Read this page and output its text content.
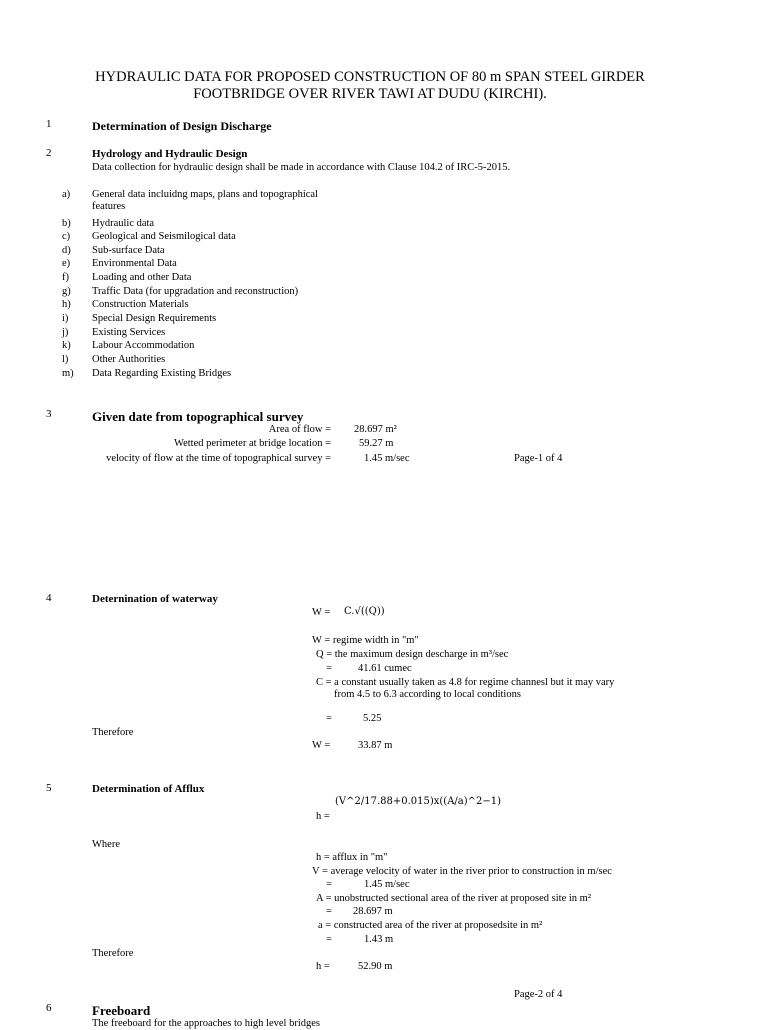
HYDRAULIC DATA FOR PROPOSED CONSTRUCTION OF 80 m SPAN STEEL GIRDER
FOOTBRIDGE OVER RIVER TAWI AT DUDU (KIRCHI).
1	Determination of Design Discharge
2	Hydrology and Hydraulic Design
Data collection for hydraulic design shall be made in accordance with Clause 104.2 of IRC-5-2015.
a) General data incluidng maps, plans and topographical
features
b) Hydraulic data
c) Geological and Seismilogical data
d) Sub-surface Data
e) Environmental Data
f) Loading and other Data
g) Traffic Data (for upgradation and reconstruction)
h) Construction Materials
i) Special Design Requirements
j) Existing Services
k) Labour Accommodation
l) Other Authorities
m) Data Regarding Existing Bridges
3	Given date from topographical survey
Area of flow = 28.697 m²
Wetted perimeter at bridge location =	59.27 m
velocity of flow at the time of topographical survey =	1.45 m/sec	Page-1 of 4
4	Deternination of waterway
W = C.√((Q))
W = regime width in "m"
Q = the maximum design descharge in m³/sec
= 41.61 cumec
C = a constant usually taken as 4.8 for regime channesl but it may vary
from 4.5 to 6.3 according to local conditions
=	5.25
Therefore
W =	33.87 m
5	Determination of Afflux
(V^2/17.88+0.015)x((A/a)^2−1)
h =
Where
h = afflux in "m"
V = average velocity of water in the river prior to construction in m/sec
=	1.45 m/sec
A = unobstructed sectional area of the river at proposed site in m²
= 28.697 m
a = constructed area of the river at proposedsite in m²
=	1.43 m
Therefore
h =	52.90 m
Page-2 of 4
6	Freeboard
The freeboard for the approaches to high level bridges
